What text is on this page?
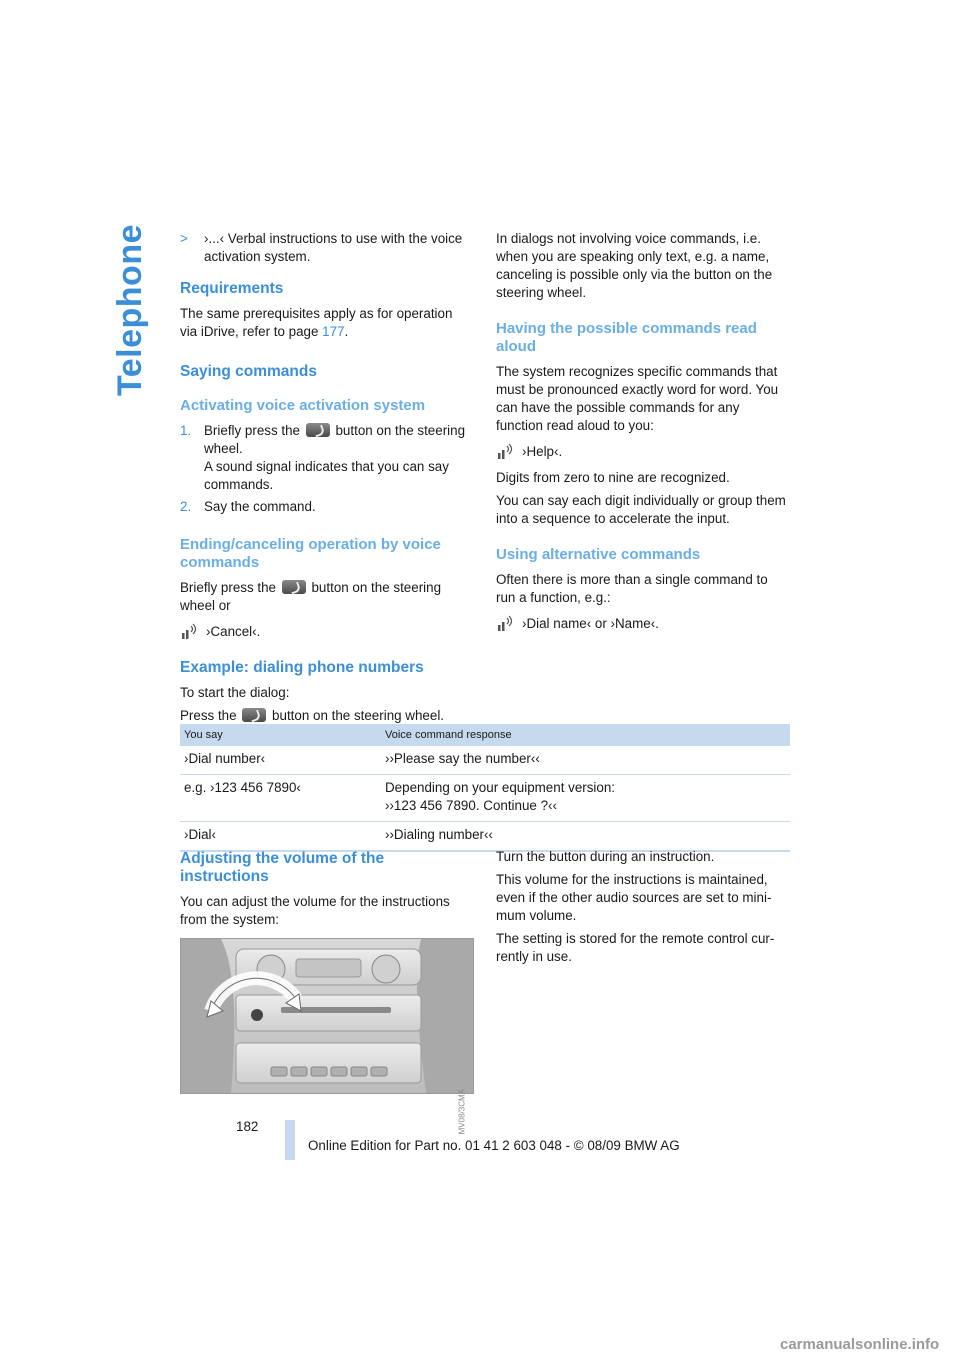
Telephone >	›...‹ Verbal instructions to use with the voice activation system.
Requirements

The same prerequisites apply as for operation via iDrive, refer to page 177.

Saying commands
Activating voice activation system
1. Briefly press the	button on the steering wheel.
A sound signal indicates that you can say commands.
2. Say the command.
Ending/canceling operation by voice commands

Briefly press the	button on the steering wheel or

›Cancel‹.
Example: dialing phone numbers

To start the dialog:

Press the	button on the steering wheel.

In dialogs not involving voice commands, i.e. when you are speaking only text, e.g. a name, canceling is possible only via the button on the steering wheel.

Having the possible commands read aloud

The system recognizes specific commands that must be pronounced exactly word for word. You can have the possible commands for any function read aloud to you:

›Help‹.

Digits from zero to nine are recognized.

You can say each digit individually or group them into a sequence to accelerate the input.

Using alternative commands

Often there is more than a single command to run a function, e.g.:

›Dial name‹ or ›Name‹.
You say	Voice command response
›Dial number‹	››Please say the number‹‹
e.g. ›123 456 7890‹	Depending on your equipment version:
››123 456 7890. Continue ?‹‹
›Dial‹	››Dialing number‹‹
Adjusting the volume of the instructions

You can adjust the volume for the instructions from the system:

Turn the button during an instruction.

This volume for the instructions is maintained, even if the other audio sources are set to mini-mum volume.

The setting is stored for the remote control cur-rently in use.

MV08/3CMA
182
Online Edition for Part no. 01 41 2 603 048 - © 08/09 BMW AG
carmanualsonline.info
